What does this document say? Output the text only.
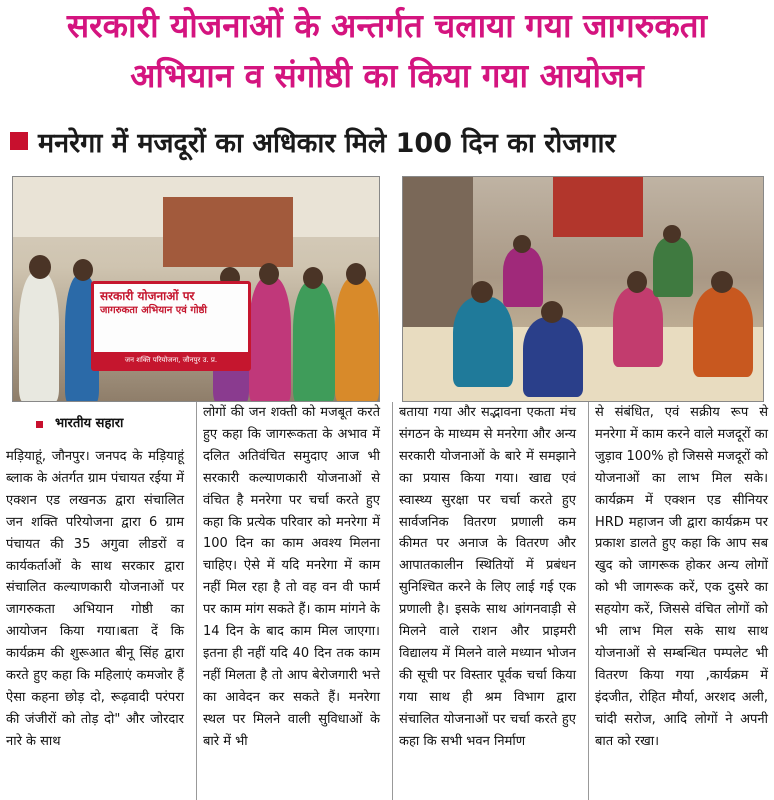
सरकारी योजनाओं के अन्तर्गत चलाया गया जागरुकता
अभियान व संगोष्ठी का किया गया आयोजन
मनरेगा में मजदूरों का अधिकार मिले 100 दिन का रोजगार
सरकारी योजनाओं पर
जागरुकता अभियान एवं गोष्ठी
जन शक्ति परियोजना, जौनपुर उ. प्र.
भारतीय सहारा

मड़ियाहूं, जौनपुर। जनपद के मड़ियाहूं ब्लाक के अंतर्गत ग्राम पंचायत रईया में एक्शन एड लखनऊ द्वारा संचालित जन शक्ति परियोजना द्वारा 6 ग्राम पंचायत की 35 अगुवा लीडरों व कार्यकर्ताओं के साथ सरकार द्वारा संचालित कल्याणकारी योजनाओं पर जागरुकता अभियान गोष्ठी का आयोजन किया गया।बता दें कि कार्यक्रम की शुरूआत बीनू सिंह द्वारा करते हुए कहा कि महिलाएं कमजोर हैं ऐसा कहना छोड़ दो, रूढ़वादी परंपरा की जंजीरों को तोड़ दो" और जोरदार नारे के साथ

लोगों की जन शक्ती को मजबूत करते हुए कहा कि जागरूकता के अभाव में दलित अतिवंचित समुदाए आज भी सरकारी कल्याणकारी योजनाओं से वंचित है मनरेगा पर चर्चा करते हुए कहा कि प्रत्येक परिवार को मनरेगा में 100 दिन का काम अवश्य मिलना चाहिए। ऐसे में यदि मनरेगा में काम नहीं मिल रहा है तो वह वन वी फार्म पर काम मांग सकते हैं। काम मांगने के 14 दिन के बाद काम मिल जाएगा। इतना ही नहीं यदि 40 दिन तक काम नहीं मिलता है तो आप बेरोजगारी भत्ते का आवेदन कर सकते हैं। मनरेगा स्थल पर मिलने वाली सुविधाओं के बारे में भी

बताया गया और सद्भावना एकता मंच संगठन के माध्यम से मनरेगा और अन्य सरकारी योजनाओं के बारे में समझाने का प्रयास किया गया। खाद्य एवं स्वास्थ्य सुरक्षा पर चर्चा करते हुए सार्वजनिक वितरण प्रणाली कम कीमत पर अनाज के वितरण और आपातकालीन स्थितियों में प्रबंधन सुनिश्चित करने के लिए लाई गई एक प्रणाली है। इसके साथ आंगनवाड़ी से मिलने वाले राशन और प्राइमरी विद्यालय में मिलने वाले मध्यान भोजन की सूची पर विस्तार पूर्वक चर्चा किया गया साथ ही श्रम विभाग द्वारा संचालित योजनाओं पर चर्चा करते हुए कहा कि सभी भवन निर्माण

से संबंधित, एवं सक्रीय रूप से मनरेगा में काम करने वाले मजदूरों का जुड़ाव 100% हो जिससे मजदूरों को योजनाओं का लाभ मिल सके। कार्यक्रम में एक्शन एड सीनियर HRD महाजन जी द्वारा कार्यक्रम पर प्रकाश डालते हुए कहा कि आप सब खुद को जागरूक होकर अन्य लोगों को भी जागरूक करें, एक दुसरे का सहयोग करें, जिससे वंचित लोगों को भी लाभ मिल सके साथ साथ योजनाओं से सम्बन्धित पम्पलेट भी वितरण किया गया ,कार्यक्रम में इंदजीत, रोहित मौर्या, अरशद अली, चांदी सरोज, आदि लोगों ने अपनी बात को रखा।
